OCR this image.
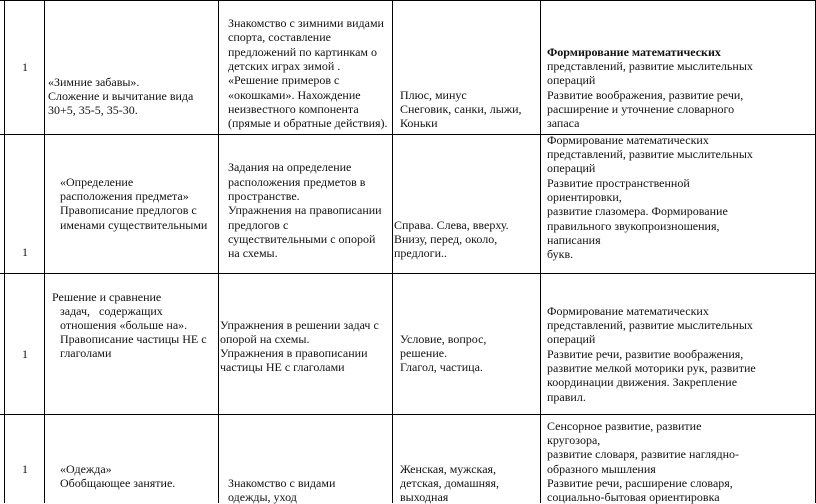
1
«Зимние забавы».
Сложение и вычитание вида
30+5, 35-5, 35-30.
Знакомство с зимними видами
спорта, составление
предложений по картинкам о
детских играх зимой .
«Решение примеров с
«окошками». Нахождение
неизвестного компонента
(прямые и обратные действия).
Плюс, минус
Снеговик, санки, лыжи,
Коньки
Формирование математических
представлений, развитие мыслительных
операций
Развитие воображения, развитие речи,
расширение и уточнение словарного
запаса
1
«Определение
расположения предмета»
Правописание предлогов с
именами существительными
Задания на определение
расположения предметов в
пространстве.
Упражнения на правописании
предлогов с
существительными с опорой
на схемы.
Справа. Слева, вверху.
Внизу, перед, около,
предлоги..
Формирование математических
представлений, развитие мыслительных
операций
Развитие пространственной
ориентировки,
развитие глазомера. Формирование
правильного звукопроизношения,
написания
букв.
1
Решение и сравнение
задач,   содержащих
отношения «больше на».
Правописание частицы НЕ с
глаголами
Упражнения в решении задач с
опорой на схемы.
Упражнения в правописании
частицы НЕ с глаголами
Условие, вопрос,
решение.
Глагол, частица.
Формирование математических
представлений, развитие мыслительных
операций
Развитие речи, развитие воображения,
развитие мелкой моторики рук, развитие
координации движения. Закрепление
правил.
1	«Одежда»
Обобщающее занятие.	Знакомство с видами
одежды, уход
Женская, мужская,
детская, домашняя,
выходная
Сенсорное развитие, развитие
кругозора,
развитие словаря, развитие наглядно-
образного мышления
Развитие речи, расширение словаря,
социально-бытовая ориентировка
